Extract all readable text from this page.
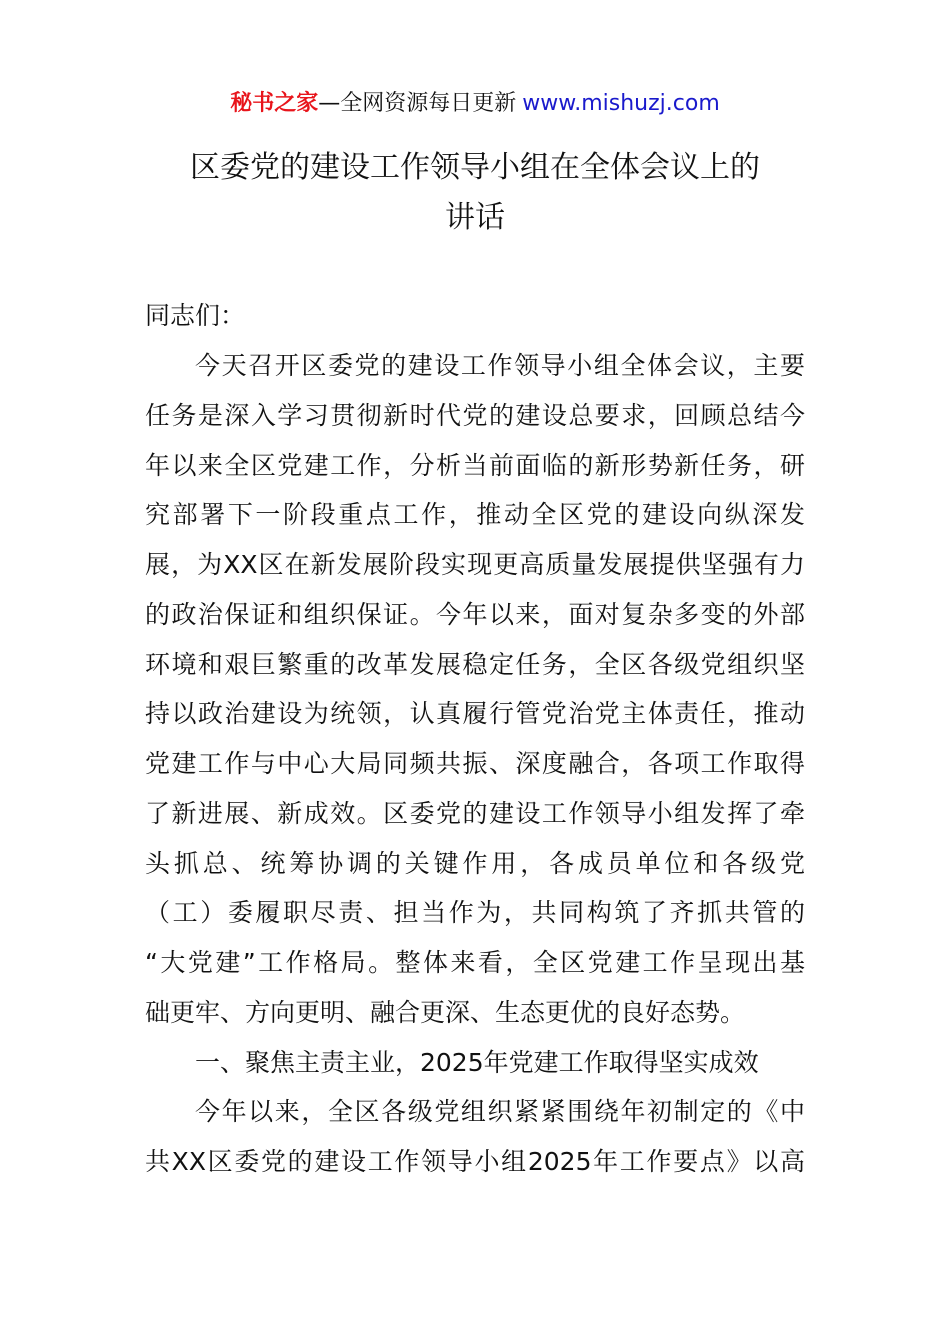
秘书之家—全网资源每日更新 www.mishuzj.com
区委党的建设工作领导小组在全体会议上的
讲话
同志们：
今天召开区委党的建设工作领导小组全体会议，主要
任务是深入学习贯彻新时代党的建设总要求，回顾总结今
年以来全区党建工作，分析当前面临的新形势新任务，研
究部署下一阶段重点工作，推动全区党的建设向纵深发
展，为XX区在新发展阶段实现更高质量发展提供坚强有力
的政治保证和组织保证。今年以来，面对复杂多变的外部
环境和艰巨繁重的改革发展稳定任务，全区各级党组织坚
持以政治建设为统领，认真履行管党治党主体责任，推动
党建工作与中心大局同频共振、深度融合，各项工作取得
了新进展、新成效。区委党的建设工作领导小组发挥了牵
头抓总、统筹协调的关键作用，各成员单位和各级党
（工）委履职尽责、担当作为，共同构筑了齐抓共管的
“大党建”工作格局。整体来看，全区党建工作呈现出基
础更牢、方向更明、融合更深、生态更优的良好态势。
一、聚焦主责主业，2025年党建工作取得坚实成效
今年以来，全区各级党组织紧紧围绕年初制定的《中
共XX区委党的建设工作领导小组2025年工作要点》以高
